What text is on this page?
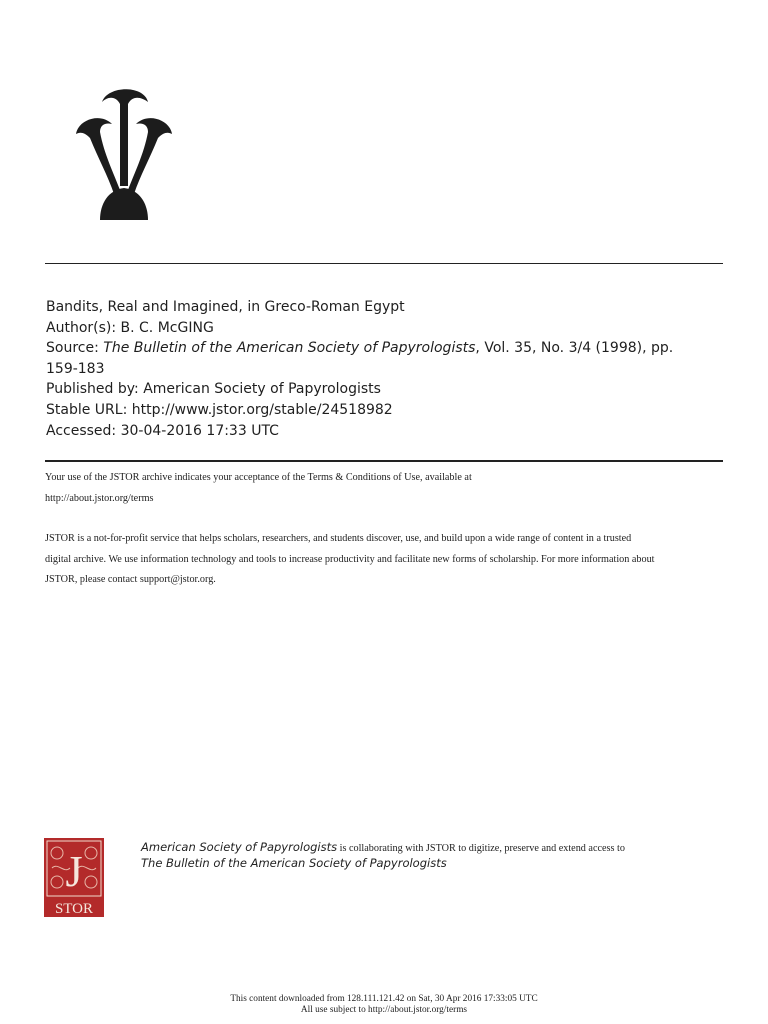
Bandits, Real and Imagined, in Greco-Roman Egypt
Author(s): B. C. McGING
Source: The Bulletin of the American Society of Papyrologists, Vol. 35, No. 3/4 (1998), pp.
159-183
Published by: American Society of Papyrologists
Stable URL: http://www.jstor.org/stable/24518982
Accessed: 30-04-2016 17:33 UTC
Your use of the JSTOR archive indicates your acceptance of the Terms & Conditions of Use, available at
http://about.jstor.org/terms
JSTOR is a not-for-profit service that helps scholars, researchers, and students discover, use, and build upon a wide range of content in a trusted
digital archive. We use information technology and tools to increase productivity and facilitate new forms of scholarship. For more information about
JSTOR, please contact support@jstor.org.
J
STOR
American Society of Papyrologists is collaborating with JSTOR to digitize, preserve and extend access to
The Bulletin of the American Society of Papyrologists
This content downloaded from 128.111.121.42 on Sat, 30 Apr 2016 17:33:05 UTC
All use subject to http://about.jstor.org/terms
